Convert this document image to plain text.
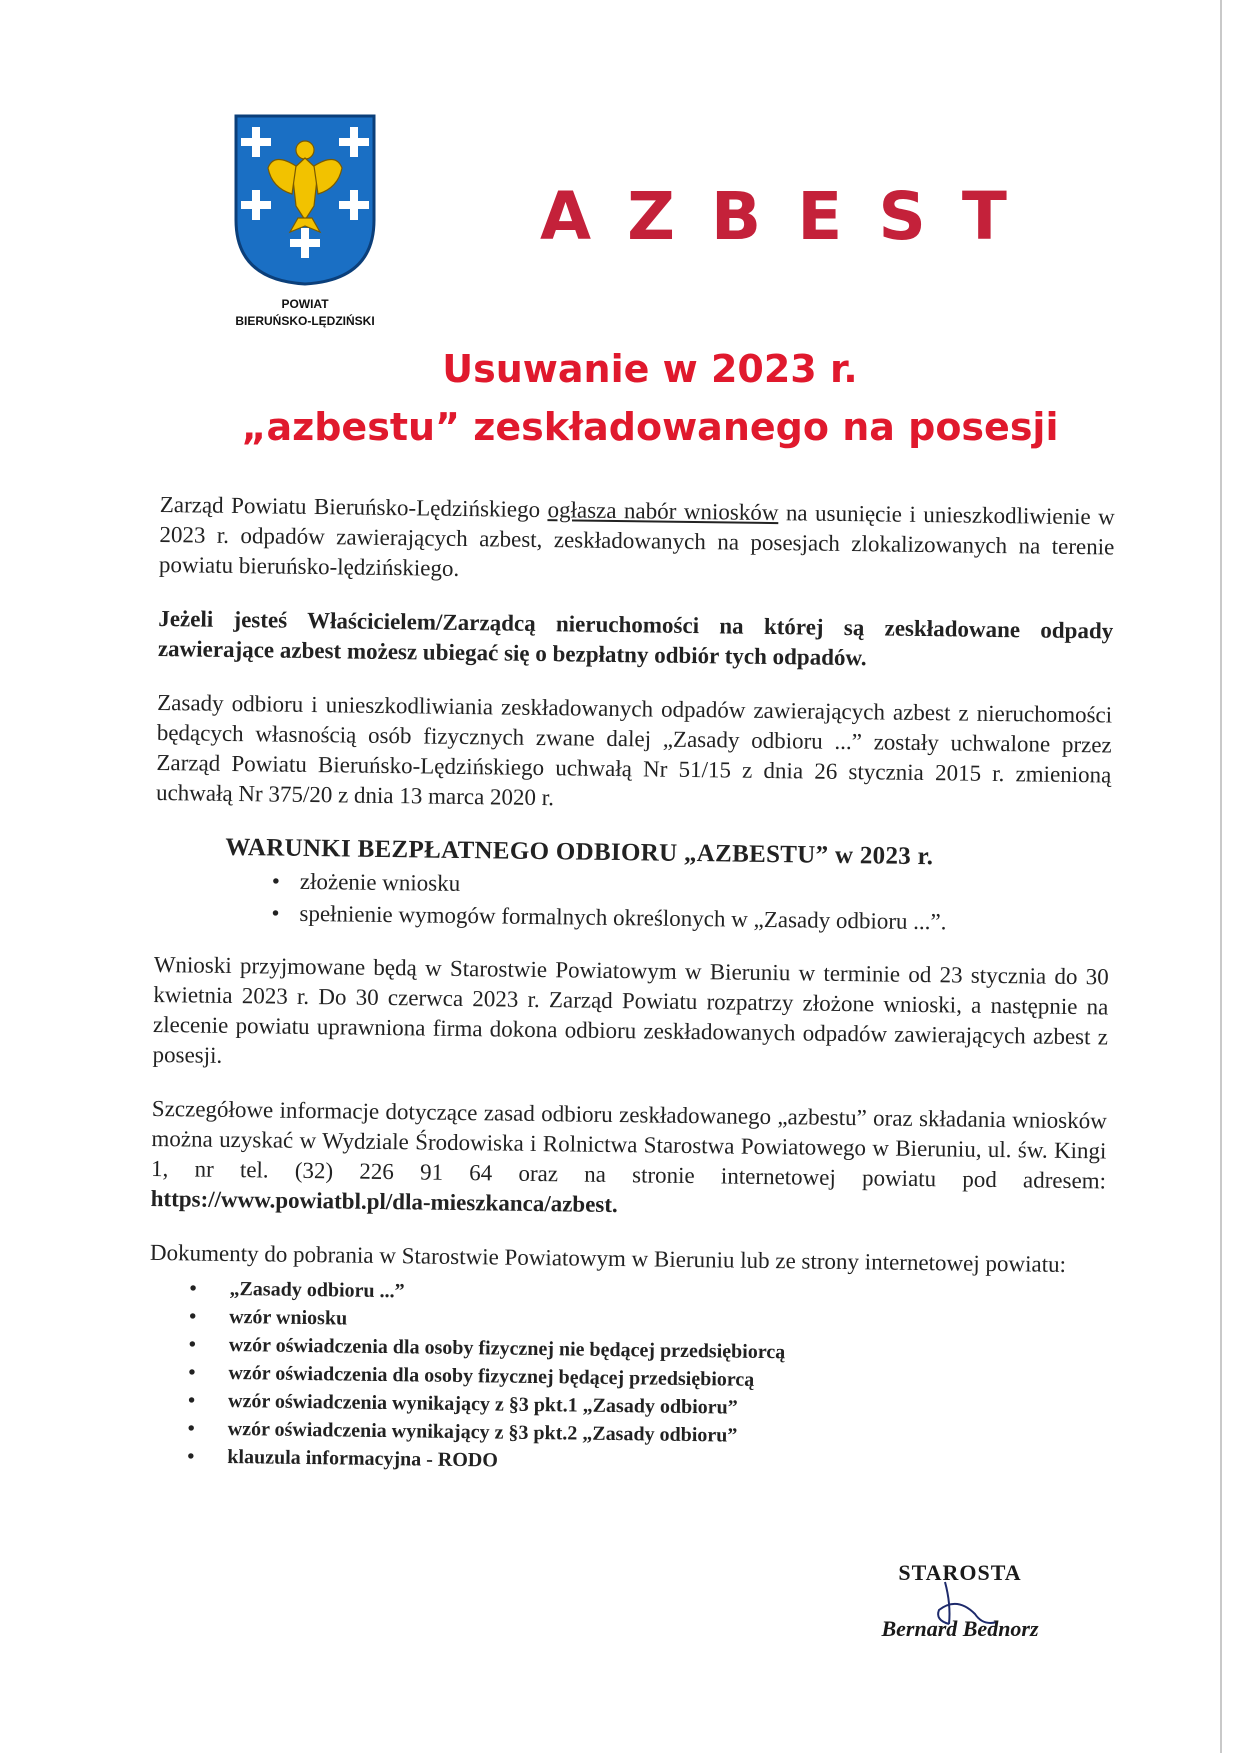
POWIAT
BIERUŃSKO-LĘDZIŃSKI
AZBEST
Usuwanie w 2023 r.
„azbestu” zeskładowanego na posesji

Zarząd Powiatu Bieruńsko-Lędzińskiego ogłasza nabór wniosków na usunięcie i unieszkodliwienie w 2023 r. odpadów zawierających azbest, zeskładowanych na posesjach zlokalizowanych na terenie powiatu bieruńsko-lędzińskiego.

Jeżeli jesteś Właścicielem/Zarządcą nieruchomości na której są zeskładowane odpady zawierające azbest możesz ubiegać się o bezpłatny odbiór tych odpadów.

Zasady odbioru i unieszkodliwiania zeskładowanych odpadów zawierających azbest z nieruchomości będących własnością osób fizycznych zwane dalej „Zasady odbioru ...” zostały uchwalone przez Zarząd Powiatu Bieruńsko-Lędzińskiego uchwałą Nr 51/15 z dnia 26 stycznia 2015 r. zmienioną uchwałą Nr 375/20 z dnia 13 marca 2020 r.

WARUNKI BEZPŁATNEGO ODBIORU „AZBESTU” w 2023 r.
• złożenie wniosku
• spełnienie wymogów formalnych określonych w „Zasady odbioru ...”.

Wnioski przyjmowane będą w Starostwie Powiatowym w Bieruniu w terminie od 23 stycznia do 30 kwietnia 2023 r. Do 30 czerwca 2023 r. Zarząd Powiatu rozpatrzy złożone wnioski, a następnie na zlecenie powiatu uprawniona firma dokona odbioru zeskładowanych odpadów zawierających azbest z posesji.

Szczegółowe informacje dotyczące zasad odbioru zeskładowanego „azbestu” oraz składania wniosków można uzyskać w Wydziale Środowiska i Rolnictwa Starostwa Powiatowego w Bieruniu, ul. św. Kingi 1, nr tel. (32) 226 91 64 oraz na stronie internetowej powiatu pod adresem: https://www.powiatbl.pl/dla-mieszkanca/azbest.

Dokumenty do pobrania w Starostwie Powiatowym w Bieruniu lub ze strony internetowej powiatu:

• „Zasady odbioru ...”
• wzór wniosku
• wzór oświadczenia dla osoby fizycznej nie będącej przedsiębiorcą
• wzór oświadczenia dla osoby fizycznej będącej przedsiębiorcą
• wzór oświadczenia wynikający z §3 pkt.1 „Zasady odbioru”
• wzór oświadczenia wynikający z §3 pkt.2 „Zasady odbioru”
• klauzula informacyjna - RODO
STAROSTA
Bernard Bednorz
